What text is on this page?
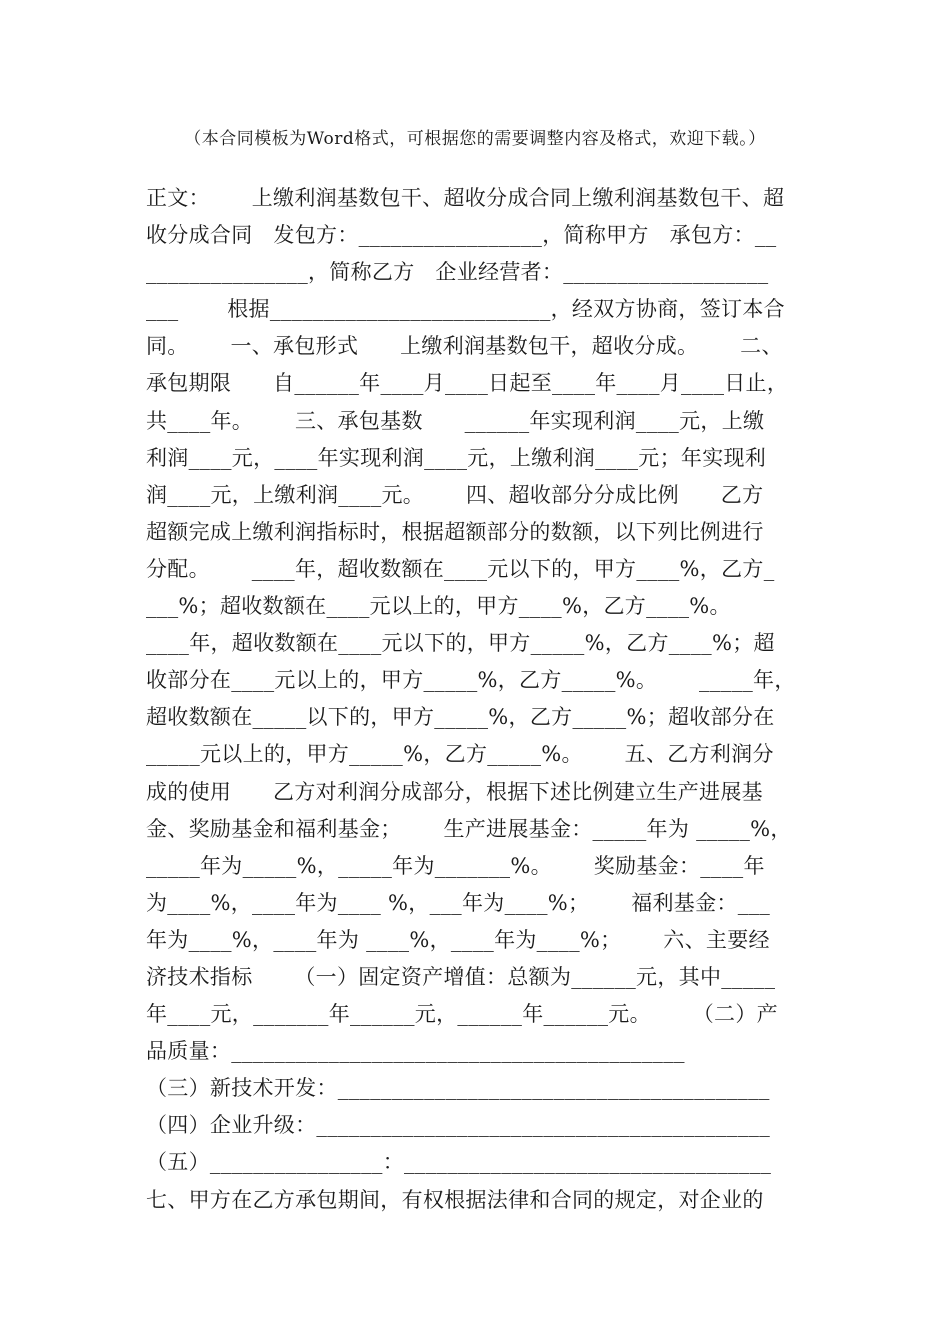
（本合同模板为Word格式，可根据您的需要调整内容及格式，欢迎下载。）
正文：      上缴利润基数包干、超收分成合同上缴利润基数包干、超
收分成合同   发包方：_________________，简称甲方   承包方：__
_______________，简称乙方   企业经营者：___________________
___       根据__________________________，经双方协商，签订本合
同。      一、承包形式      上缴利润基数包干，超收分成。      二、
承包期限      自______年____月____日起至____年____月____日止，
共____年。      三、承包基数      ______年实现利润____元，上缴
利润____元，____年实现利润____元，上缴利润____元；年实现利
润____元，上缴利润____元。      四、超收部分分成比例      乙方
超额完成上缴利润指标时，根据超额部分的数额，以下列比例进行
分配。      ____年，超收数额在____元以下的，甲方____%，乙方_
___%；超收数额在____元以上的，甲方____%，乙方____%。
____年，超收数额在____元以下的，甲方_____%，乙方____%；超
收部分在____元以上的，甲方_____%，乙方_____%。      _____年，
超收数额在_____以下的，甲方_____%，乙方_____%；超收部分在
_____元以上的，甲方_____%，乙方_____%。      五、乙方利润分
成的使用      乙方对利润分成部分，根据下述比例建立生产进展基
金、奖励基金和福利基金；      生产进展基金：_____年为 _____%，
_____年为_____%，_____年为_______%。      奖励基金：____年
为____%，____年为____ %，___年为____%；      福利基金：___
年为____%，____年为 ____%，____年为____%；      六、主要经
济技术指标      （一）固定资产增值：总额为______元，其中_____
年____元，_______年______元，______年______元。      （二）产
品质量：__________________________________________
（三）新技术开发：________________________________________
（四）企业升级：__________________________________________
（五）________________：__________________________________
七、甲方在乙方承包期间，有权根据法律和合同的规定，对企业的
